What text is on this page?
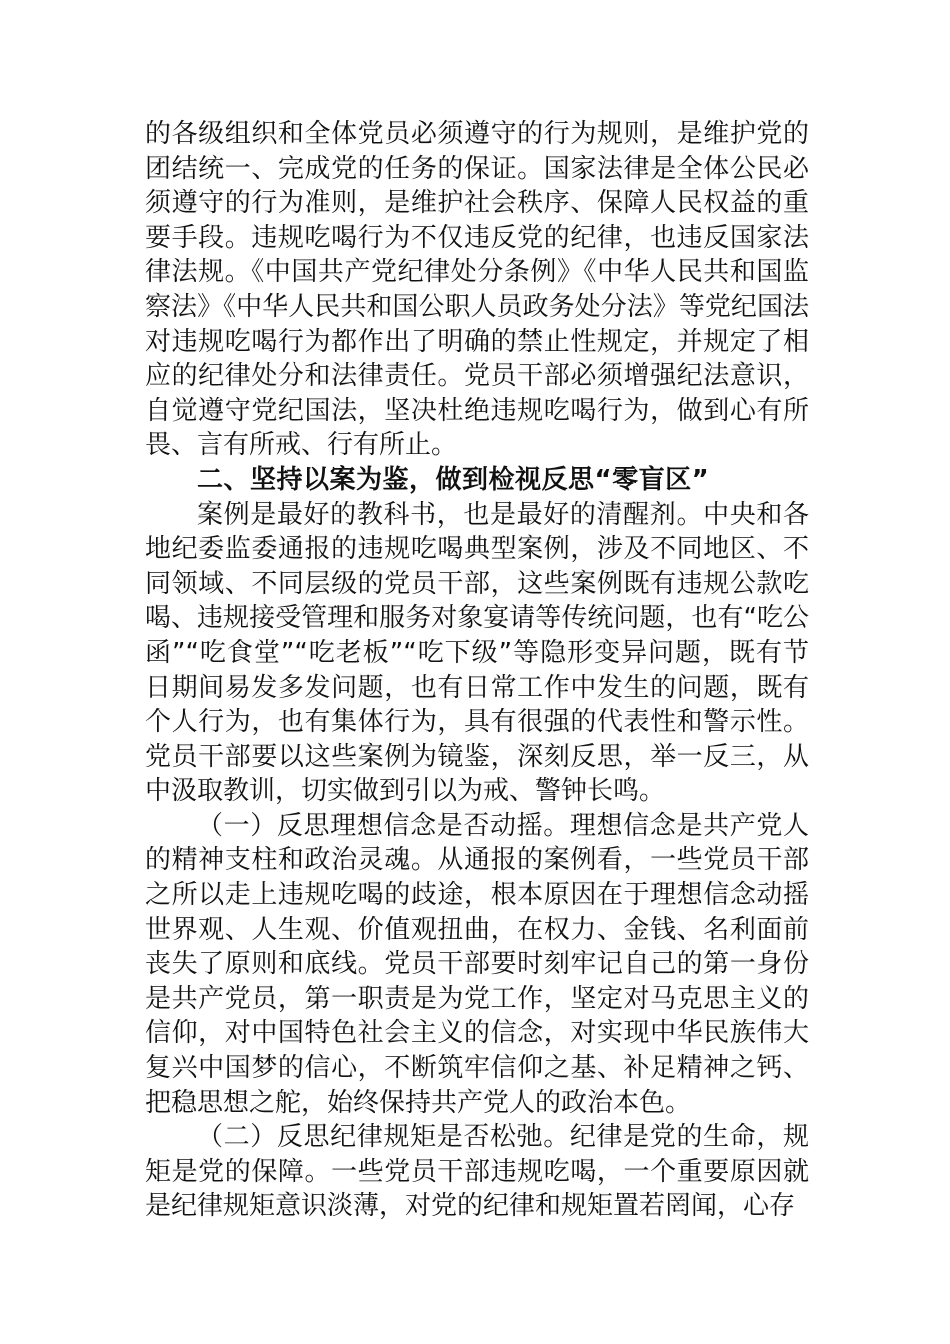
的各级组织和全体党员必须遵守的行为规则，是维护党的团结统一、完成党的任务的保证。国家法律是全体公民必须遵守的行为准则，是维护社会秩序、保障人民权益的重要手段。违规吃喝行为不仅违反党的纪律，也违反国家法律法规。《中国共产党纪律处分条例》《中华人民共和国监察法》《中华人民共和国公职人员政务处分法》等党纪国法对违规吃喝行为都作出了明确的禁止性规定，并规定了相应的纪律处分和法律责任。党员干部必须增强纪法意识，自觉遵守党纪国法，坚决杜绝违规吃喝行为，做到心有所畏、言有所戒、行有所止。

二、坚持以案为鉴，做到检视反思“零盲区”

案例是最好的教科书，也是最好的清醒剂。中央和各地纪委监委通报的违规吃喝典型案例，涉及不同地区、不同领域、不同层级的党员干部，这些案例既有违规公款吃喝、违规接受管理和服务对象宴请等传统问题，也有“吃公函”“吃食堂”“吃老板”“吃下级”等隐形变异问题，既有节日期间易发多发问题，也有日常工作中发生的问题，既有个人行为，也有集体行为，具有很强的代表性和警示性。党员干部要以这些案例为镜鉴，深刻反思，举一反三，从中汲取教训，切实做到引以为戒、警钟长鸣。

（一）反思理想信念是否动摇。理想信念是共产党人的精神支柱和政治灵魂。从通报的案例看，一些党员干部之所以走上违规吃喝的歧途，根本原因在于理想信念动摇世界观、人生观、价值观扭曲，在权力、金钱、名利面前丧失了原则和底线。党员干部要时刻牢记自己的第一身份是共产党员，第一职责是为党工作，坚定对马克思主义的信仰，对中国特色社会主义的信念，对实现中华民族伟大复兴中国梦的信心，不断筑牢信仰之基、补足精神之钙、把稳思想之舵，始终保持共产党人的政治本色。

（二）反思纪律规矩是否松弛。纪律是党的生命，规矩是党的保障。一些党员干部违规吃喝，一个重要原因就是纪律规矩意识淡薄，对党的纪律和规矩置若罔闻，心存
